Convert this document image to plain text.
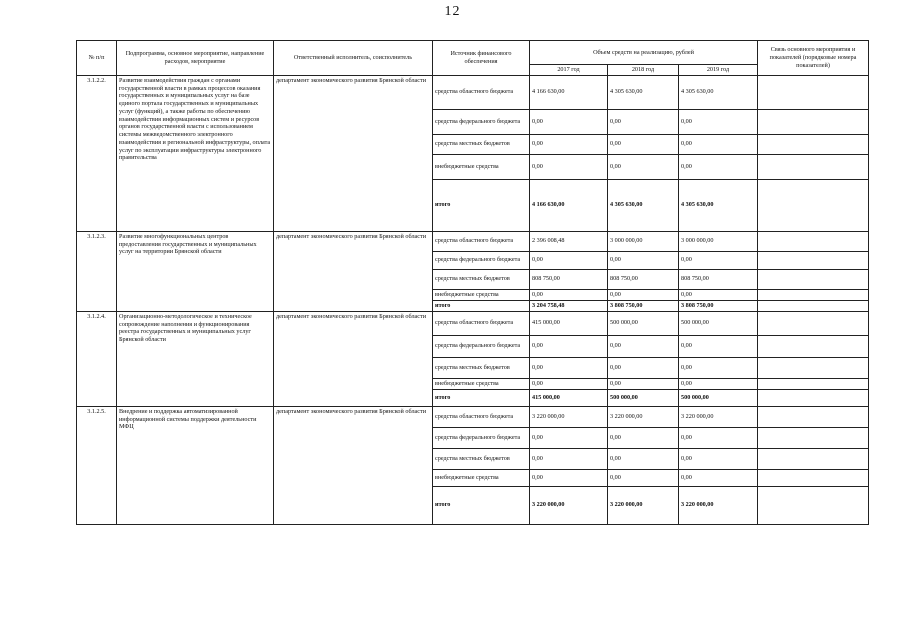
12
№ п/п	Подпрограмма, основное мероприятие, направление расходов, мероприятие	Ответственный исполнитель, соисполнитель	Источник финансового обеспечения	Объем средств на реализацию, рублей			Связь основного мероприятия и показателей (порядковые номера показателей)
				2017 год	2018 год	2019 год	
3.1.2.2.	Развитие взаимодействия граждан с органами государственной власти в рамках процессов оказания государственных и муниципальных услуг на базе единого портала государственных и муниципальных услуг (функций), а также работы по обеспечению взаимодействия информационных систем и ресурсов органов государственной власти с использованием системы межведомственного электронного взаимодействия и региональной инфраструктуры, оплата услуг по эксплуатации инфраструктуры электронного правительства	департамент экономического развития Брянской области	средства областного бюджета	4 166 630,00	4 305 630,00	4 305 630,00	
			средства федерального бюджета	0,00	0,00	0,00	
			средства местных бюджетов	0,00	0,00	0,00	
			внебюджетные средства	0,00	0,00	0,00	
			итого	4 166 630,00	4 305 630,00	4 305 630,00	
3.1.2.3.	Развитие многофункциональных центров предоставления государственных и муниципальных услуг на территории Брянской области	департамент экономического развития Брянской области	средства областного бюджета	2 396 008,48	3 000 000,00	3 000 000,00	
			средства федерального бюджета	0,00	0,00	0,00	
			средства местных бюджетов	808 750,00	808 750,00	808 750,00	
			внебюджетные средства	0,00	0,00	0,00	
			итого	3 204 758,48	3 808 750,00	3 808 750,00	
3.1.2.4.	Организационно-методологическое и техническое сопровождение наполнения и функционирования реестра государственных и муниципальных услуг Брянской области	департамент экономического развития Брянской области	средства областного бюджета	415 000,00	500 000,00	500 000,00	
			средства федерального бюджета	0,00	0,00	0,00	
			средства местных бюджетов	0,00	0,00	0,00	
			внебюджетные средства	0,00	0,00	0,00	
			итого	415 000,00	500 000,00	500 000,00	
3.1.2.5.	Внедрение и поддержка автоматизированной информационной системы поддержки деятельности МФЦ	департамент экономического развития Брянской области	средства областного бюджета	3 220 000,00	3 220 000,00	3 220 000,00	
			средства федерального бюджета	0,00	0,00	0,00	
			средства местных бюджетов	0,00	0,00	0,00	
			внебюджетные средства	0,00	0,00	0,00	
			итого	3 220 000,00	3 220 000,00	3 220 000,00	
